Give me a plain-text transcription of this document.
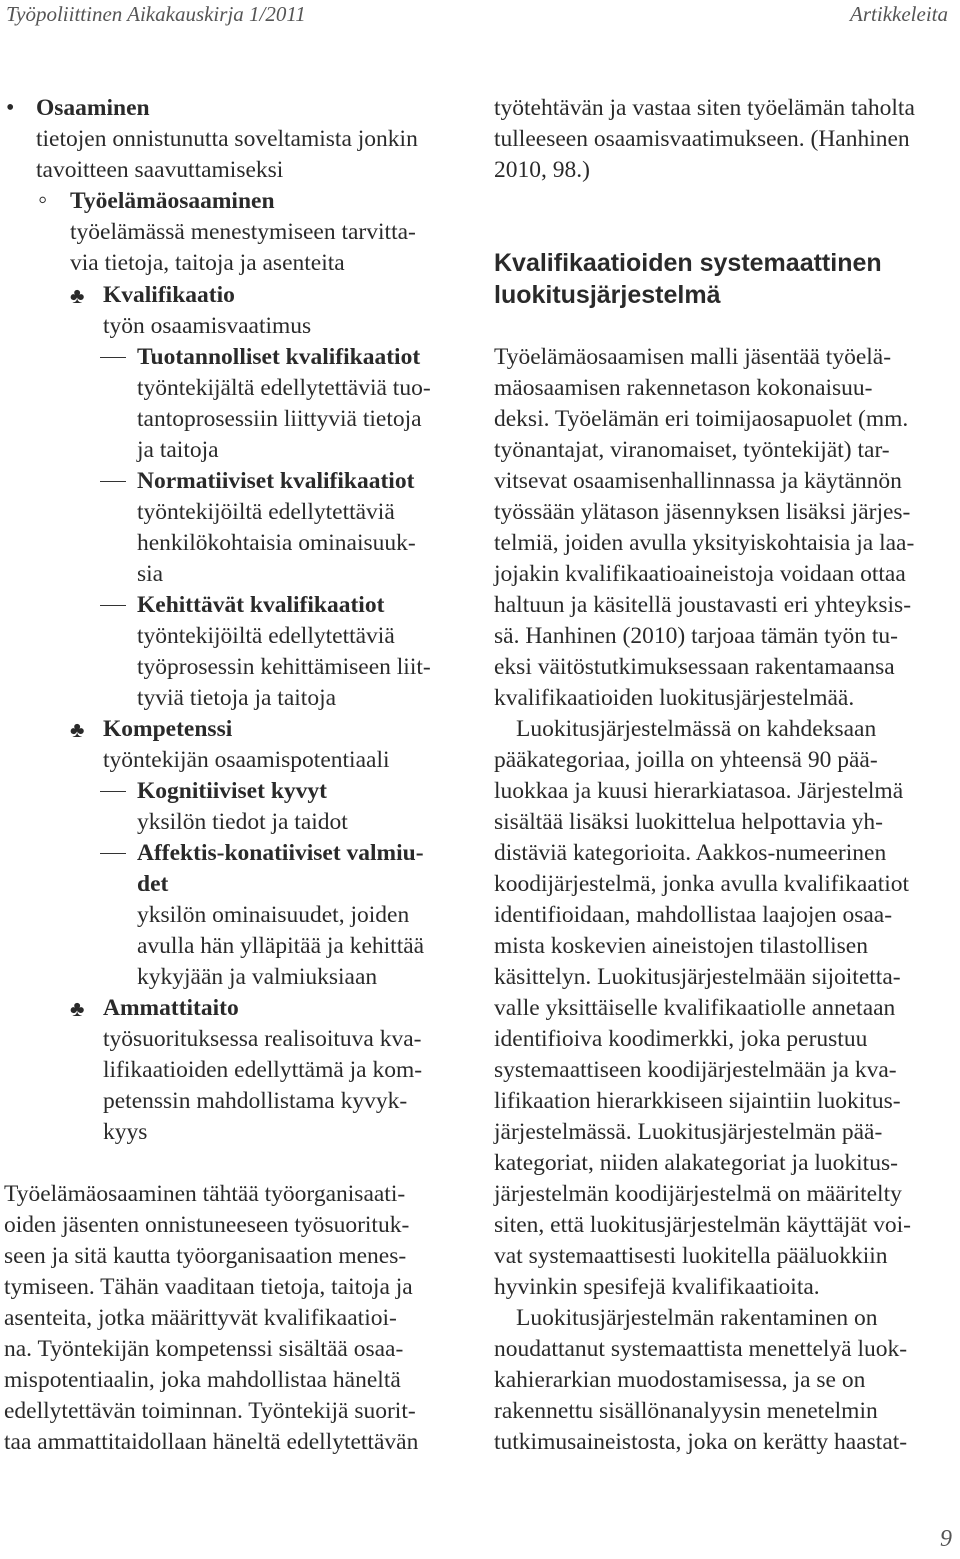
Työpoliittinen Aikakauskirja 1/2011	Artikkeleita
Osaaminen
tietojen onnistunutta soveltamista jonkin
tavoitteen saavuttamiseksi
Työelämäosaaminen
työelämässä menestymiseen tarvitta-
via tietoja, taitoja ja asenteita
Kvalifikaatio
työn osaamisvaatimus
Tuotannolliset kvalifikaatiot
työntekijältä edellytettäviä tuo-
tantoprosessiin liittyviä tietoja
ja taitoja
Normatiiviset kvalifikaatiot
työntekijöiltä edellytettäviä
henkilökohtaisia ominaisuuk-
sia
Kehittävät kvalifikaatiot
työntekijöiltä edellytettäviä
työprosessin kehittämiseen liit-
tyviä tietoja ja taitoja
Kompetenssi
työntekijän osaamispotentiaali
Kognitiiviset kyvyt
yksilön tiedot ja taidot
Affektis-konatiiviset valmiu-
det
yksilön ominaisuudet, joiden
avulla hän ylläpitää ja kehittää
kykyjään ja valmiuksiaan
Ammattitaito
työsuorituksessa realisoituva kva-
lifikaatioiden edellyttämä ja kom-
petenssin mahdollistama kyvyk-
kyys
Työelämäosaaminen tähtää työorganisaati-
oiden jäsenten onnistuneeseen työsuorituk-
seen ja sitä kautta työorganisaation menes-
tymiseen. Tähän vaaditaan tietoja, taitoja ja
asenteita, jotka määrittyvät kvalifikaatioi-
na. Työntekijän kompetenssi sisältää osaa-
mispotentiaalin, joka mahdollistaa häneltä
edellytettävän toiminnan. Työntekijä suorit-
taa ammattitaidollaan häneltä edellytettävän
työtehtävän ja vastaa siten työelämän taholta
tulleeseen osaamisvaatimukseen. (Hanhinen
2010, 98.)
Kvalifikaatioiden systemaattinen
luokitusjärjestelmä
Työelämäosaamisen malli jäsentää työelä-
mäosaamisen rakennetason kokonaisuu-
deksi. Työelämän eri toimijaosapuolet (mm.
työnantajat, viranomaiset, työntekijät) tar-
vitsevat osaamisenhallinnassa ja käytännön
työssään ylätason jäsennyksen lisäksi järjes-
telmiä, joiden avulla yksityiskohtaisia ja laa-
jojakin kvalifikaatioaineistoja voidaan ottaa
haltuun ja käsitellä joustavasti eri yhteyksis-
sä. Hanhinen (2010) tarjoaa tämän työn tu-
eksi väitöstutkimuksessaan rakentamaansa
kvalifikaatioiden luokitusjärjestelmää.
Luokitusjärjestelmässä on kahdeksaan
pääkategoriaa, joilla on yhteensä 90 pää-
luokkaa ja kuusi hierarkiatasoa. Järjestelmä
sisältää lisäksi luokittelua helpottavia yh-
distäviä kategorioita. Aakkos-numeerinen
koodijärjestelmä, jonka avulla kvalifikaatiot
identifioidaan, mahdollistaa laajojen osaa-
mista koskevien aineistojen tilastollisen
käsittelyn. Luokitusjärjestelmään sijoitetta-
valle yksittäiselle kvalifikaatiolle annetaan
identifioiva koodimerkki, joka perustuu
systemaattiseen koodijärjestelmään ja kva-
lifikaation hierarkkiseen sijaintiin luokitus-
järjestelmässä. Luokitusjärjestelmän pää-
kategoriat, niiden alakategoriat ja luokitus-
järjestelmän koodijärjestelmä on määritelty
siten, että luokitusjärjestelmän käyttäjät voi-
vat systemaattisesti luokitella pääluokkiin
hyvinkin spesifejä kvalifikaatioita.
Luokitusjärjestelmän rakentaminen on
noudattanut systemaattista menettelyä luok-
kahierarkian muodostamisessa, ja se on
rakennettu sisällönanalyysin menetelmin
tutkimusaineistosta, joka on kerätty haastat-
•
◦
♣
♣
♣
9
